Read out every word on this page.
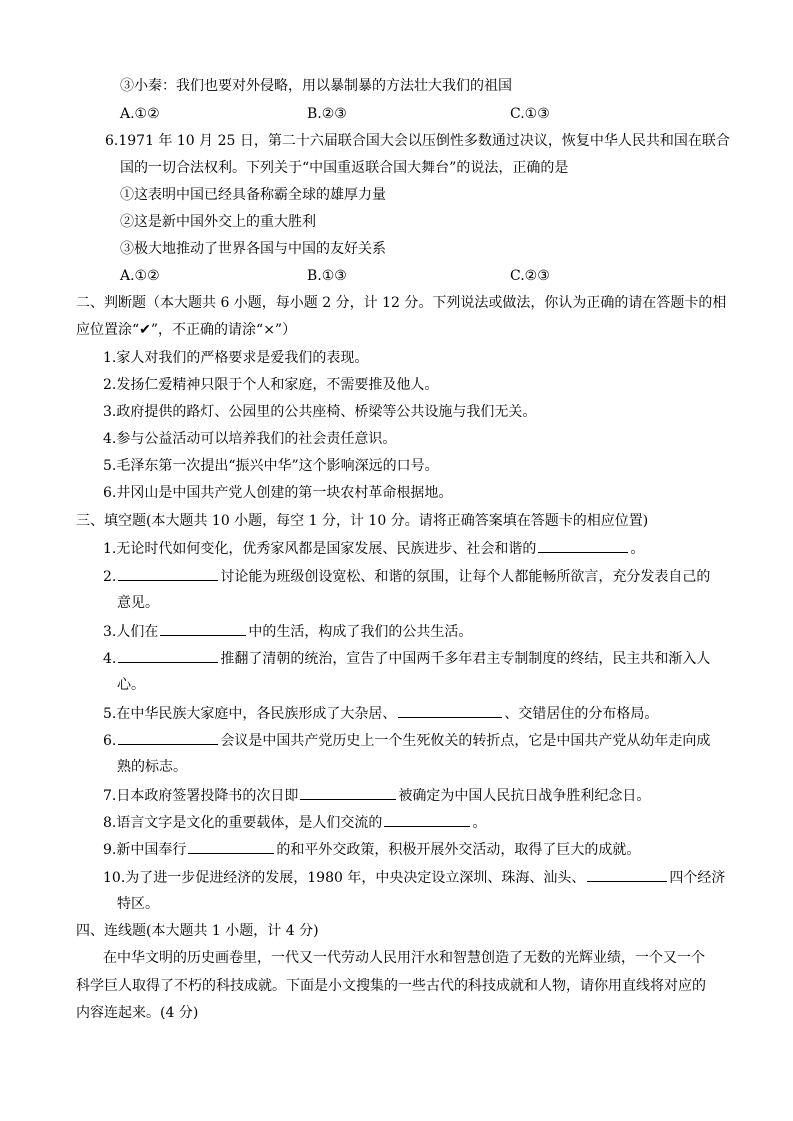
③小秦：我们也要对外侵略，用以暴制暴的方法壮大我们的祖国
A.①②	B.②③	C.①③
6.1971 年 10 月 25 日，第二十六届联合国大会以压倒性多数通过决议，恢复中华人民共和国在联合
国的一切合法权利。下列关于“中国重返联合国大舞台”的说法，正确的是
①这表明中国已经具备称霸全球的雄厚力量
②这是新中国外交上的重大胜利
③极大地推动了世界各国与中国的友好关系
A.①②	B.①③	C.②③
二、判断题（本大题共 6 小题，每小题 2 分，计 12 分。下列说法或做法，你认为正确的请在答题卡的相
应位置涂“✔”，不正确的请涂“×”）
1.家人对我们的严格要求是爱我们的表现。
2.发扬仁爱精神只限于个人和家庭，不需要推及他人。
3.政府提供的路灯、公园里的公共座椅、桥梁等公共设施与我们无关。
4.参与公益活动可以培养我们的社会责任意识。
5.毛泽东第一次提出“振兴中华”这个影响深远的口号。
6.井冈山是中国共产党人创建的第一块农村革命根据地。
三、填空题(本大题共 10 小题，每空 1 分，计 10 分。请将正确答案填在答题卡的相应位置)
1.无论时代如何变化，优秀家风都是国家发展、民族进步、社会和谐的	。
2.	讨论能为班级创设宽松、和谐的氛围，让每个人都能畅所欲言，充分发表自己的
意见。
3.人们在	中的生活，构成了我们的公共生活。
4.	推翻了清朝的统治，宣告了中国两千多年君主专制制度的终结，民主共和渐入人
心。
5.在中华民族大家庭中，各民族形成了大杂居、	、交错居住的分布格局。
6.	会议是中国共产党历史上一个生死攸关的转折点，它是中国共产党从幼年走向成
熟的标志。
7.日本政府签署投降书的次日即	被确定为中国人民抗日战争胜利纪念日。
8.语言文字是文化的重要载体，是人们交流的	。
9.新中国奉行	的和平外交政策，积极开展外交活动，取得了巨大的成就。
10.为了进一步促进经济的发展，1980 年，中央决定设立深圳、珠海、汕头、	四个经济
特区。
四、连线题(本大题共 1 小题，计 4 分)
在中华文明的历史画卷里，一代又一代劳动人民用汗水和智慧创造了无数的光辉业绩，一个又一个
科学巨人取得了不朽的科技成就。下面是小文搜集的一些古代的科技成就和人物，请你用直线将对应的
内容连起来。(4 分)
